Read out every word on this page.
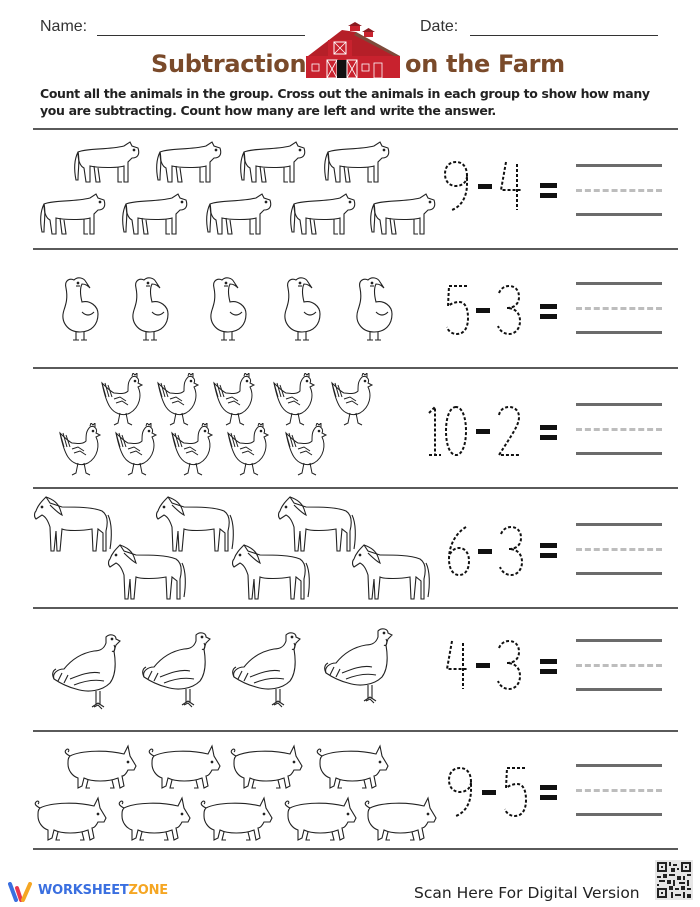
Name:	Date:
Subtraction	on the Farm
Count all the animals in the group. Cross out the animals in each group to show how many you are subtracting. Count how many are left and write the answer.
WORKSHEETZONE	Scan Here For Digital Version
